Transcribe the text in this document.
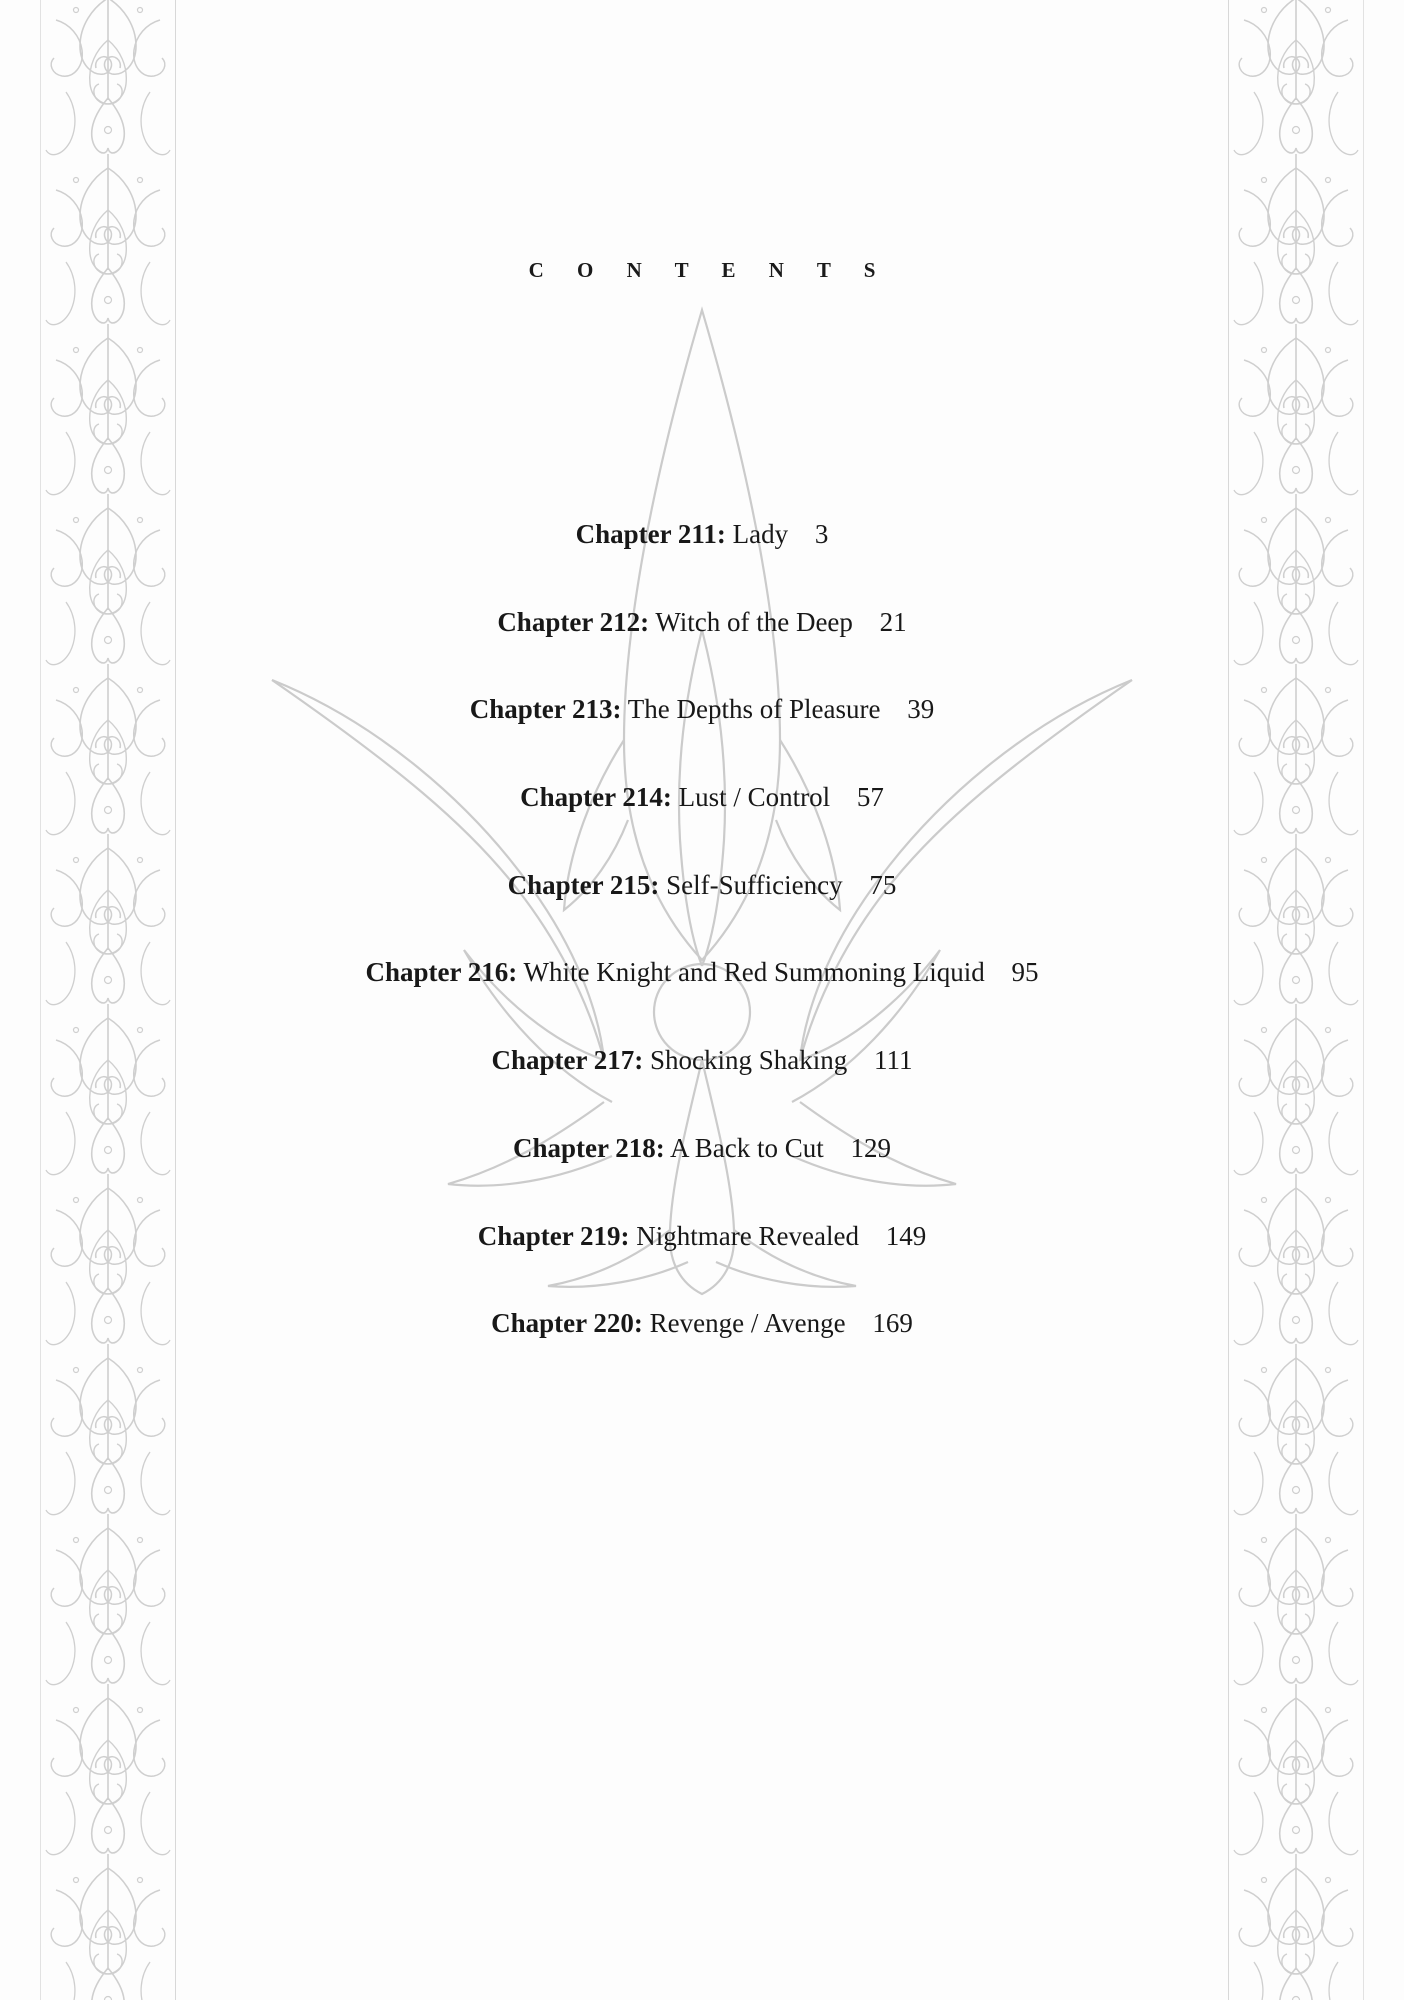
C O N T E N T S
Chapter 211: Lady 3
Chapter 212: Witch of the Deep 21
Chapter 213: The Depths of Pleasure 39
Chapter 214: Lust / Control 57
Chapter 215: Self-Sufficiency 75
Chapter 216: White Knight and Red Summoning Liquid 95
Chapter 217: Shocking Shaking 111
Chapter 218: A Back to Cut 129
Chapter 219: Nightmare Revealed 149
Chapter 220: Revenge / Avenge 169
